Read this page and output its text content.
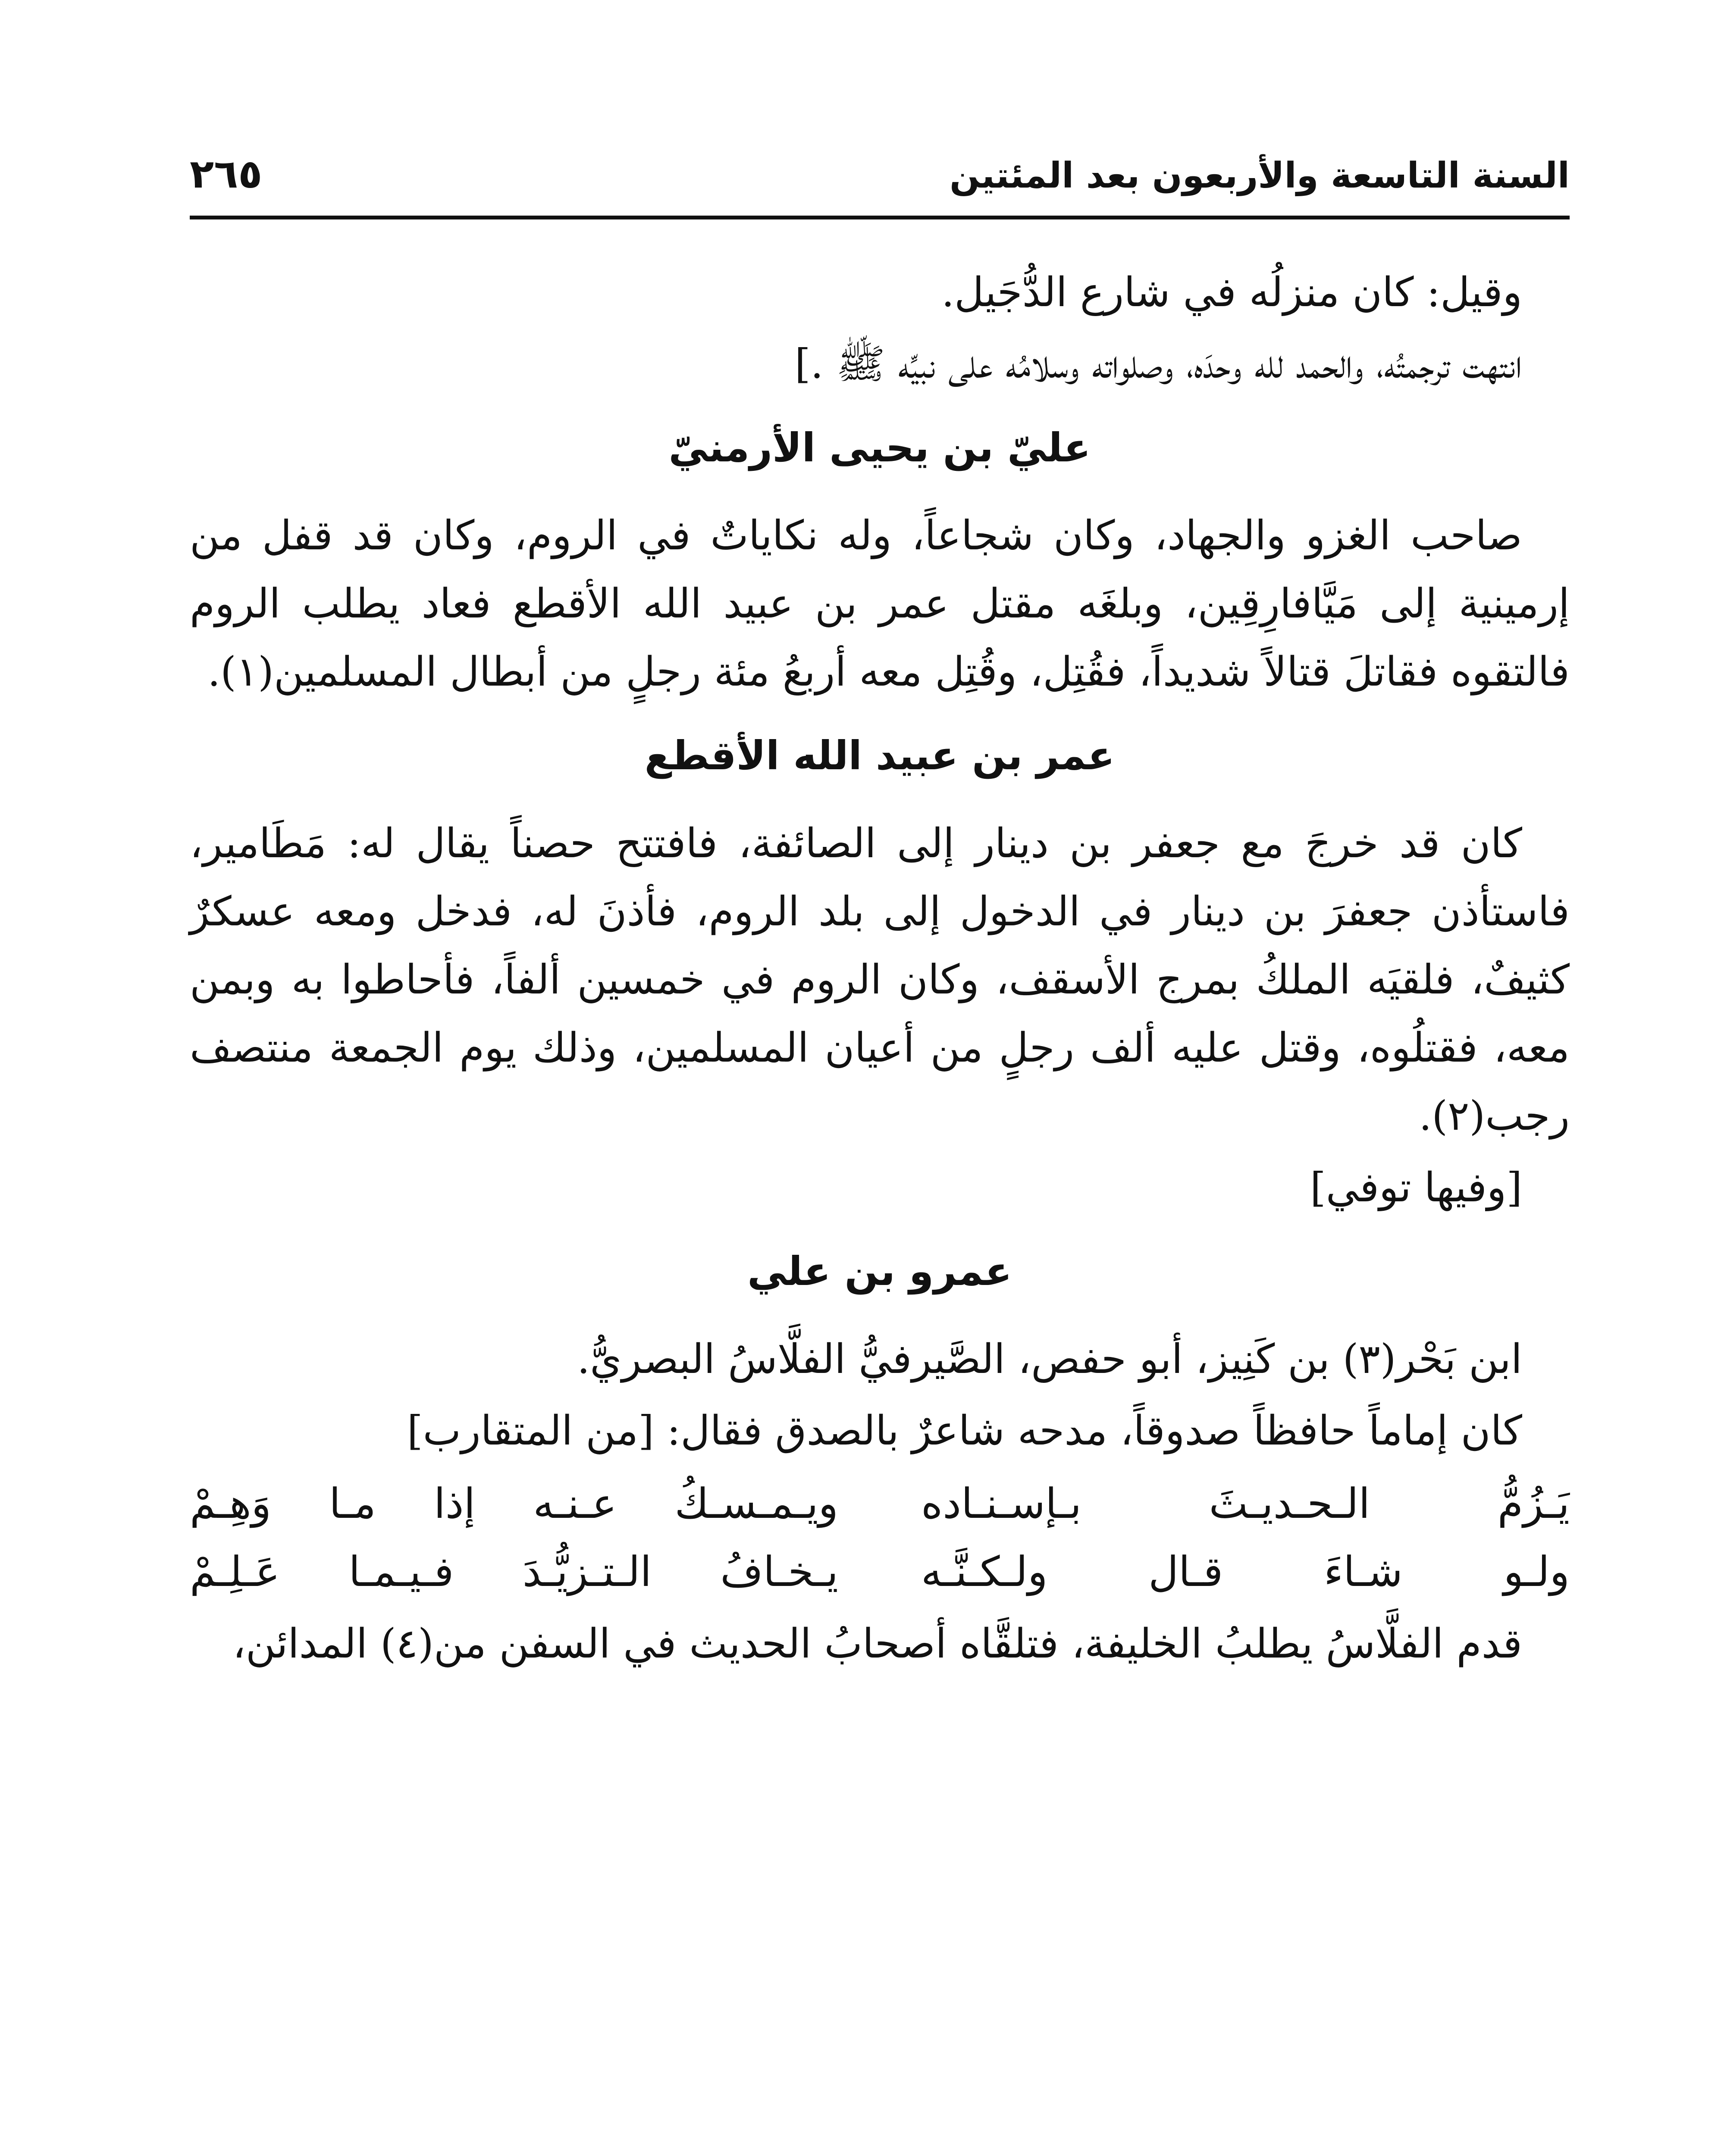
السنة التاسعة والأربعون بعد المئتين
٢٦٥

وقيل: كان منزلُه في شارع الدُّجَيل.

انتهت ترجمتُه، والحمد لله وحدَه، وصلواته وسلامُه على نبيِّه ﷺ .]

عليّ بن يحيى الأرمنيّ

صاحب الغزو والجهاد، وكان شجاعاً، وله نكاياتٌ في الروم، وكان قد قفل من إرمينية إلى مَيَّافارِقِين، وبلغَه مقتل عمر بن عبيد الله الأقطع فعاد يطلب الروم فالتقوه فقاتلَ قتالاً شديداً، فقُتِل، وقُتِل معه أربعُ مئة رجلٍ من أبطال المسلمين(١).

عمر بن عبيد الله الأقطع

كان قد خرجَ مع جعفر بن دينار إلى الصائفة، فافتتح حصناً يقال له: مَطَامير، فاستأذن جعفرَ بن دينار في الدخول إلى بلد الروم، فأذنَ له، فدخل ومعه عسكرٌ كثيفٌ، فلقيَه الملكُ بمرج الأسقف، وكان الروم في خمسين ألفاً، فأحاطوا به وبمن معه، فقتلُوه، وقتل عليه ألف رجلٍ من أعيان المسلمين، وذلك يوم الجمعة منتصف رجب(٢).

[وفيها توفي]

عمرو بن علي

ابن بَحْر(٣) بن كَنِيز، أبو حفص، الصَّيرفيُّ الفلَّاسُ البصريُّ.

كان إماماً حافظاً صدوقاً، مدحه شاعرٌ بالصدق فقال: [من المتقارب]

يَـزُمُّ الـحـديـثَ بـإسـنـاده
ويـمـسـكُ عـنـه إذا مـا وَهِـمْ
ولـو شـاءَ قـال ولـكـنَّـه
يـخـافُ الـتـزيُّـدَ فـيـمـا عَـلِـمْ

قدم الفلَّاسُ يطلبُ الخليفة، فتلقَّاه أصحابُ الحديث في السفن من(٤) المدائن،
